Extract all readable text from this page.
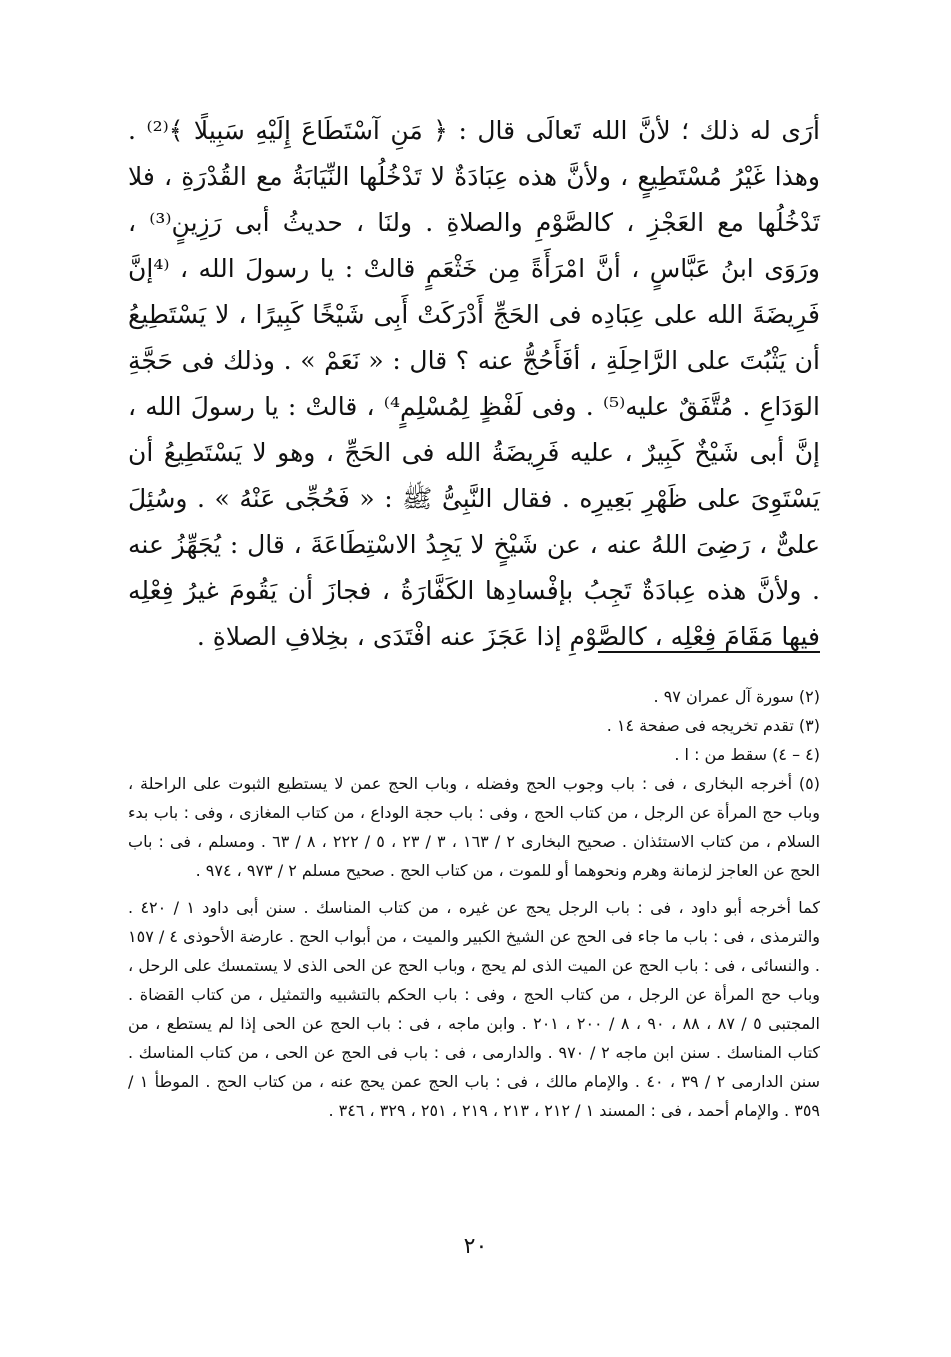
أرَى له ذلك ؛ لأنَّ الله تَعالَى قال : ﴿ مَنِ آسْتَطَاعَ إِلَيْهِ سَبِيلًا ﴾⁽²⁾ . وهذا غَيْرُ مُسْتَطِيعٍ ، ولأنَّ هذه عِبَادَةٌ لا تَدْخُلُها النِّيَابَةُ مع القُدْرَةِ ، فلا تَدْخُلُها مع العَجْزِ ، كالصَّوْمِ والصلاةِ . ولنَا ، حديثُ أبى رَزِينٍ⁽³⁾ ، ورَوَى ابنُ عَبَّاسٍ ، أنَّ امْرَأَةً مِن خَثْعَمٍ قالتْ : يا رسولَ الله ، ⁽⁴إنَّ فَرِيضَةَ الله على عِبَادِه فى الحَجِّ أَدْرَكَتْ أَبِى شَيْخًا كَبِيرًا ، لا يَسْتَطِيعُ أن يَثْبُتَ على الرَّاحِلَةِ ، أفَأَحُجُّ عنه ؟ قال : « نَعَمْ » . وذلك فى حَجَّةِ الوَدَاعِ . مُتَّفَقٌ عليه⁽⁵⁾ . وفى لَفْظٍ لِمُسْلِمٍ⁴⁾ ، قالتْ : يا رسولَ الله ، إنَّ أبى شَيْخٌ كَبِيرٌ ، عليه فَرِيضَةُ الله فى الحَجِّ ، وهو لا يَسْتَطِيعُ أن يَسْتَوِىَ على ظَهْرِ بَعِيرِه . فقال النَّبِىُّ ﷺ : « فَحُجِّى عَنْهُ » . وسُئِلَ علىٌّ ، رَضِىَ اللهُ عنه ، عن شَيْخٍ لا يَجِدُ الاسْتِطَاعَةَ ، قال : يُجَهِّزُ عنه . ولأنَّ هذه عِبادَةٌ تَجِبُ بإفْسادِها الكَفَّارَةُ ، فجازَ أن يَقُومَ غيرُ فِعْلِه فيها مَقَامَ فِعْلِه ، كالصَّوْمِ إذا عَجَزَ عنه افْتَدَى ، بخِلافِ الصلاةِ .

(٢) سورة آل عمران ٩٧ .

(٣) تقدم تخريجه فى صفحة ١٤ .

(٤ – ٤) سقط من : ا .

(٥) أخرجه البخارى ، فى : باب وجوب الحج وفضله ، وباب الحج عمن لا يستطيع الثبوت على الراحلة ، وباب حج المرأة عن الرجل ، من كتاب الحج ، وفى : باب حجة الوداع ، من كتاب المغازى ، وفى : باب بدء السلام ، من كتاب الاستئذان . صحيح البخارى ٢ / ١٦٣ ، ٣ / ٢٣ ، ٥ / ٢٢٢ ، ٨ / ٦٣ . ومسلم ، فى : باب الحج عن العاجز لزمانة وهرم ونحوهما أو للموت ، من كتاب الحج . صحيح مسلم ٢ / ٩٧٣ ، ٩٧٤ .

كما أخرجه أبو داود ، فى : باب الرجل يحج عن غيره ، من كتاب المناسك . سنن أبى داود ١ / ٤٢٠ . والترمذى ، فى : باب ما جاء فى الحج عن الشيخ الكبير والميت ، من أبواب الحج . عارضة الأحوذى ٤ / ١٥٧ . والنسائى ، فى : باب الحج عن الميت الذى لم يحج ، وباب الحج عن الحى الذى لا يستمسك على الرحل ، وباب حج المرأة عن الرجل ، من كتاب الحج ، وفى : باب الحكم بالتشبيه والتمثيل ، من كتاب القضاة . المجتبى ٥ / ٨٧ ، ٨٨ ، ٩٠ ، ٨ / ٢٠٠ ، ٢٠١ . وابن ماجه ، فى : باب الحج عن الحى إذا لم يستطع ، من كتاب المناسك . سنن ابن ماجه ٢ / ٩٧٠ . والدارمى ، فى : باب فى الحج عن الحى ، من كتاب المناسك . سنن الدارمى ٢ / ٣٩ ، ٤٠ . والإمام مالك ، فى : باب الحج عمن يحج عنه ، من كتاب الحج . الموطأ ١ / ٣٥٩ . والإمام أحمد ، فى : المسند ١ / ٢١٢ ، ٢١٣ ، ٢١٩ ، ٢٥١ ، ٣٢٩ ، ٣٤٦ .

٢٠
